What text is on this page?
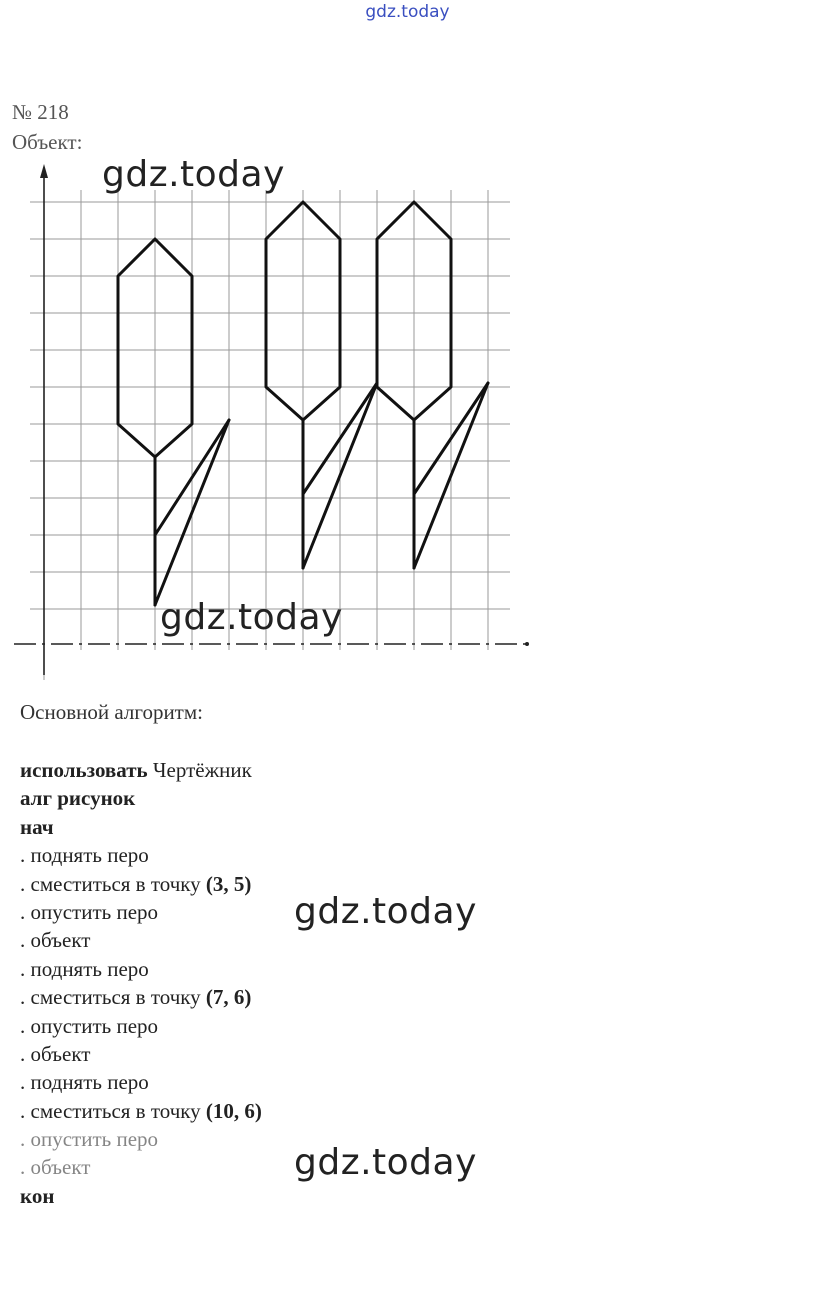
gdz.today
№ 218
Объект:
gdz.today
gdz.today
Основной алгоритм:
использовать Чертёжник
алг рисунок
нач
. поднять перо
. сместиться в точку (3, 5)
. опустить перо
. объект
. поднять перо
. сместиться в точку (7, 6)
. опустить перо
. объект
. поднять перо
. сместиться в точку (10, 6)
. опустить перо
. объект
кон
gdz.today
gdz.today
